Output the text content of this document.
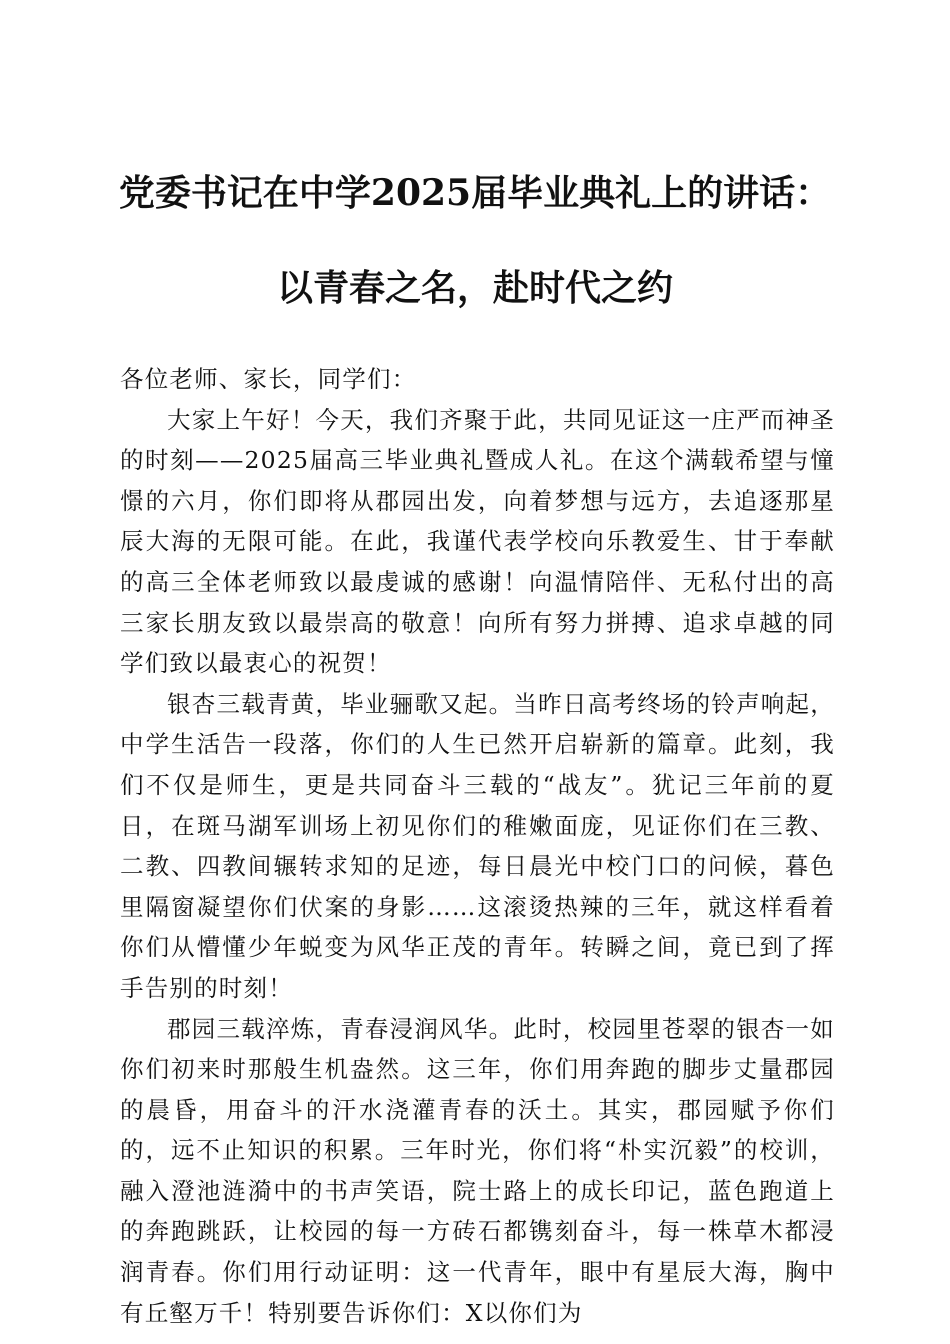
党委书记在中学2025届毕业典礼上的讲话：
以青春之名，赴时代之约

各位老师、家长，同学们：

大家上午好！今天，我们齐聚于此，共同见证这一庄严而神圣的时刻——2025届高三毕业典礼暨成人礼。在这个满载希望与憧憬的六月，你们即将从郡园出发，向着梦想与远方，去追逐那星辰大海的无限可能。在此，我谨代表学校向乐教爱生、甘于奉献的高三全体老师致以最虔诚的感谢！向温情陪伴、无私付出的高三家长朋友致以最崇高的敬意！向所有努力拼搏、追求卓越的同学们致以最衷心的祝贺！

银杏三载青黄，毕业骊歌又起。当昨日高考终场的铃声响起，中学生活告一段落，你们的人生已然开启崭新的篇章。此刻，我们不仅是师生，更是共同奋斗三载的“战友”。犹记三年前的夏日，在斑马湖军训场上初见你们的稚嫩面庞，见证你们在三教、二教、四教间辗转求知的足迹，每日晨光中校门口的问候，暮色里隔窗凝望你们伏案的身影……这滚烫热辣的三年，就这样看着你们从懵懂少年蜕变为风华正茂的青年。转瞬之间，竟已到了挥手告别的时刻！

郡园三载淬炼，青春浸润风华。此时，校园里苍翠的银杏一如你们初来时那般生机盎然。这三年，你们用奔跑的脚步丈量郡园的晨昏，用奋斗的汗水浇灌青春的沃土。其实，郡园赋予你们的，远不止知识的积累。三年时光，你们将“朴实沉毅”的校训，融入澄池涟漪中的书声笑语，院士路上的成长印记，蓝色跑道上的奔跑跳跃，让校园的每一方砖石都镌刻奋斗，每一株草木都浸润青春。你们用行动证明：这一代青年，眼中有星辰大海，胸中有丘壑万千！特别要告诉你们：X以你们为
